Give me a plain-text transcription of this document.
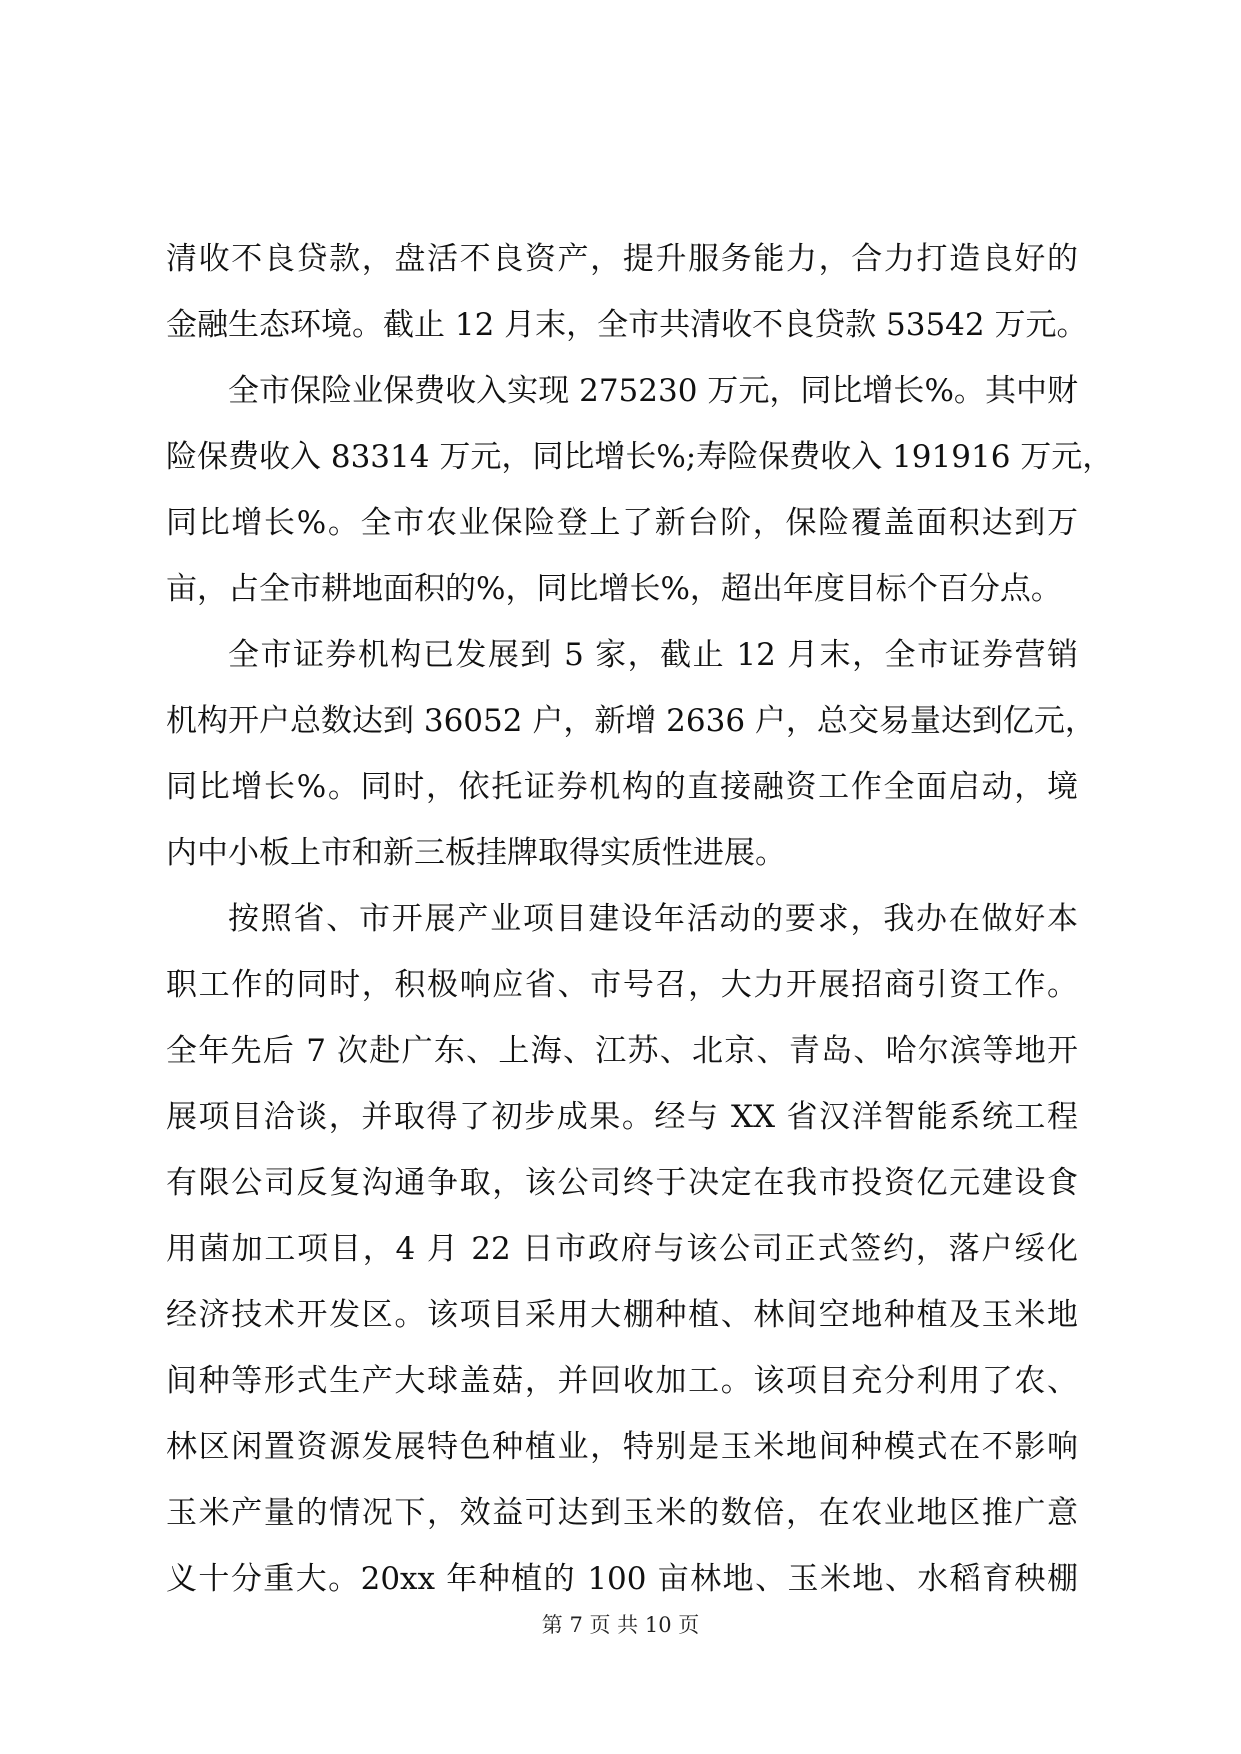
清收不良贷款，盘活不良资产，提升服务能力，合力打造良好的
金融生态环境。截止 12 月末，全市共清收不良贷款 53542 万元。
全市保险业保费收入实现 275230 万元，同比增长%。其中财
险保费收入 83314 万元，同比增长%;寿险保费收入 191916 万元，
同比增长%。全市农业保险登上了新台阶，保险覆盖面积达到万
亩，占全市耕地面积的%，同比增长%，超出年度目标个百分点。
全市证券机构已发展到 5 家，截止 12 月末，全市证券营销
机构开户总数达到 36052 户，新增 2636 户，总交易量达到亿元，
同比增长%。同时，依托证券机构的直接融资工作全面启动，境
内中小板上市和新三板挂牌取得实质性进展。
按照省、市开展产业项目建设年活动的要求，我办在做好本
职工作的同时，积极响应省、市号召，大力开展招商引资工作。
全年先后 7 次赴广东、上海、江苏、北京、青岛、哈尔滨等地开
展项目洽谈，并取得了初步成果。经与 XX 省汉洋智能系统工程
有限公司反复沟通争取，该公司终于决定在我市投资亿元建设食
用菌加工项目，4 月 22 日市政府与该公司正式签约，落户绥化
经济技术开发区。该项目采用大棚种植、林间空地种植及玉米地
间种等形式生产大球盖菇，并回收加工。该项目充分利用了农、
林区闲置资源发展特色种植业，特别是玉米地间种模式在不影响
玉米产量的情况下，效益可达到玉米的数倍，在农业地区推广意
义十分重大。20xx 年种植的 100 亩林地、玉米地、水稻育秧棚
第 7 页 共 10 页
